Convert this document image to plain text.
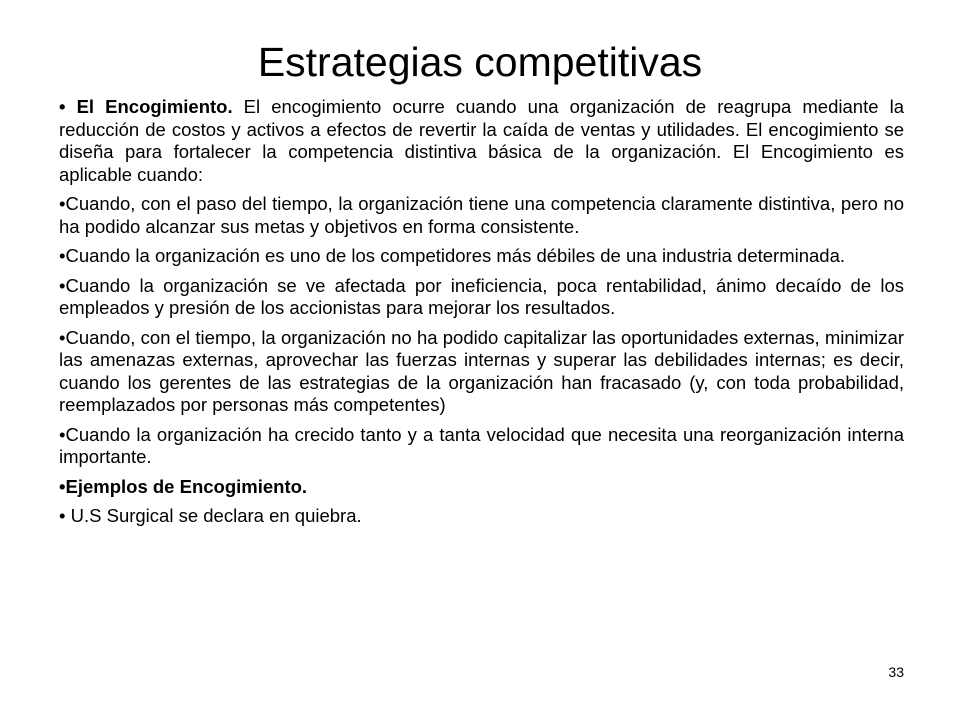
Estrategias competitivas

• El Encogimiento. El encogimiento ocurre cuando una organización de reagrupa mediante la reducción de costos y activos a efectos de revertir la caída de ventas y utilidades. El encogimiento se diseña para fortalecer la competencia distintiva básica de la organización. El Encogimiento es aplicable cuando:

•Cuando, con el paso del tiempo, la organización tiene una competencia claramente distintiva, pero no ha podido alcanzar sus metas y objetivos en forma consistente.

•Cuando la organización es uno de los competidores más débiles de una industria determinada.

•Cuando la organización se ve afectada por ineficiencia, poca rentabilidad, ánimo decaído de los empleados y presión de los accionistas para mejorar los resultados.

•Cuando, con el tiempo, la organización no ha podido capitalizar las oportunidades externas, minimizar las amenazas externas, aprovechar las fuerzas internas y superar las debilidades internas; es decir, cuando los gerentes de las estrategias de la organización han fracasado (y, con toda probabilidad, reemplazados por personas más competentes)

•Cuando la organización ha crecido tanto y a tanta velocidad que necesita una reorganización interna importante.

•Ejemplos de Encogimiento.

• U.S Surgical se declara en quiebra.

33
